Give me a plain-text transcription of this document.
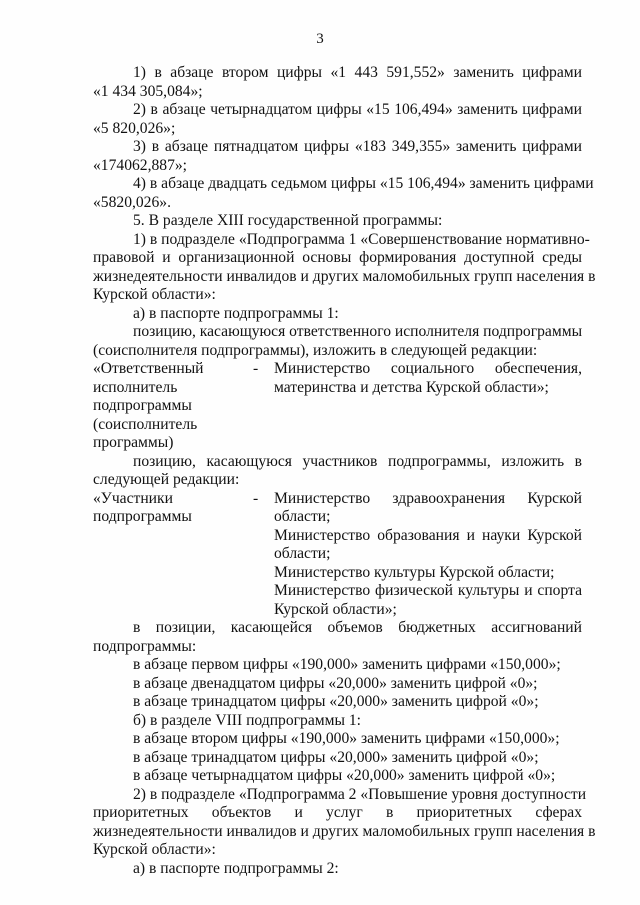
3
1) в абзаце втором цифры «1 443 591,552» заменить цифрами
«1 434 305,084»;
2) в абзаце четырнадцатом цифры «15 106,494» заменить цифрами
«5 820,026»;
3) в абзаце пятнадцатом цифры «183 349,355» заменить цифрами
«174062,887»;
4) в абзаце двадцать седьмом цифры «15 106,494» заменить цифрами
«5820,026».
5. В разделе XIII государственной программы:
1) в подразделе «Подпрограмма 1 «Совершенствование нормативно-
правовой и организационной основы формирования доступной среды
жизнедеятельности инвалидов и других маломобильных групп населения в
Курской области»:
а) в паспорте подпрограммы 1:
позицию, касающуюся ответственного исполнителя подпрограммы
(соисполнителя подпрограммы), изложить в следующей редакции:
«Ответственный
исполнитель
подпрограммы
(соисполнитель
программы)
- Министерство социального обеспечения,
материнства и детства Курской области»;
позицию, касающуюся участников подпрограммы, изложить в
следующей редакции:
«Участники
подпрограммы
- Министерство здравоохранения Курской
области;
Министерство образования и науки Курской
области;
Министерство культуры Курской области;
Министерство физической культуры и спорта
Курской области»;
в позиции, касающейся объемов бюджетных ассигнований
подпрограммы:
в абзаце первом цифры «190,000» заменить цифрами «150,000»;
в абзаце двенадцатом цифры «20,000» заменить цифрой «0»;
в абзаце тринадцатом цифры «20,000» заменить цифрой «0»;
б) в разделе VIII подпрограммы 1:
в абзаце втором цифры «190,000» заменить цифрами «150,000»;
в абзаце тринадцатом цифры «20,000» заменить цифрой «0»;
в абзаце четырнадцатом цифры «20,000» заменить цифрой «0»;
2) в подразделе «Подпрограмма 2 «Повышение уровня доступности
приоритетных объектов и услуг в приоритетных сферах
жизнедеятельности инвалидов и других маломобильных групп населения в
Курской области»:
а) в паспорте подпрограммы 2:
